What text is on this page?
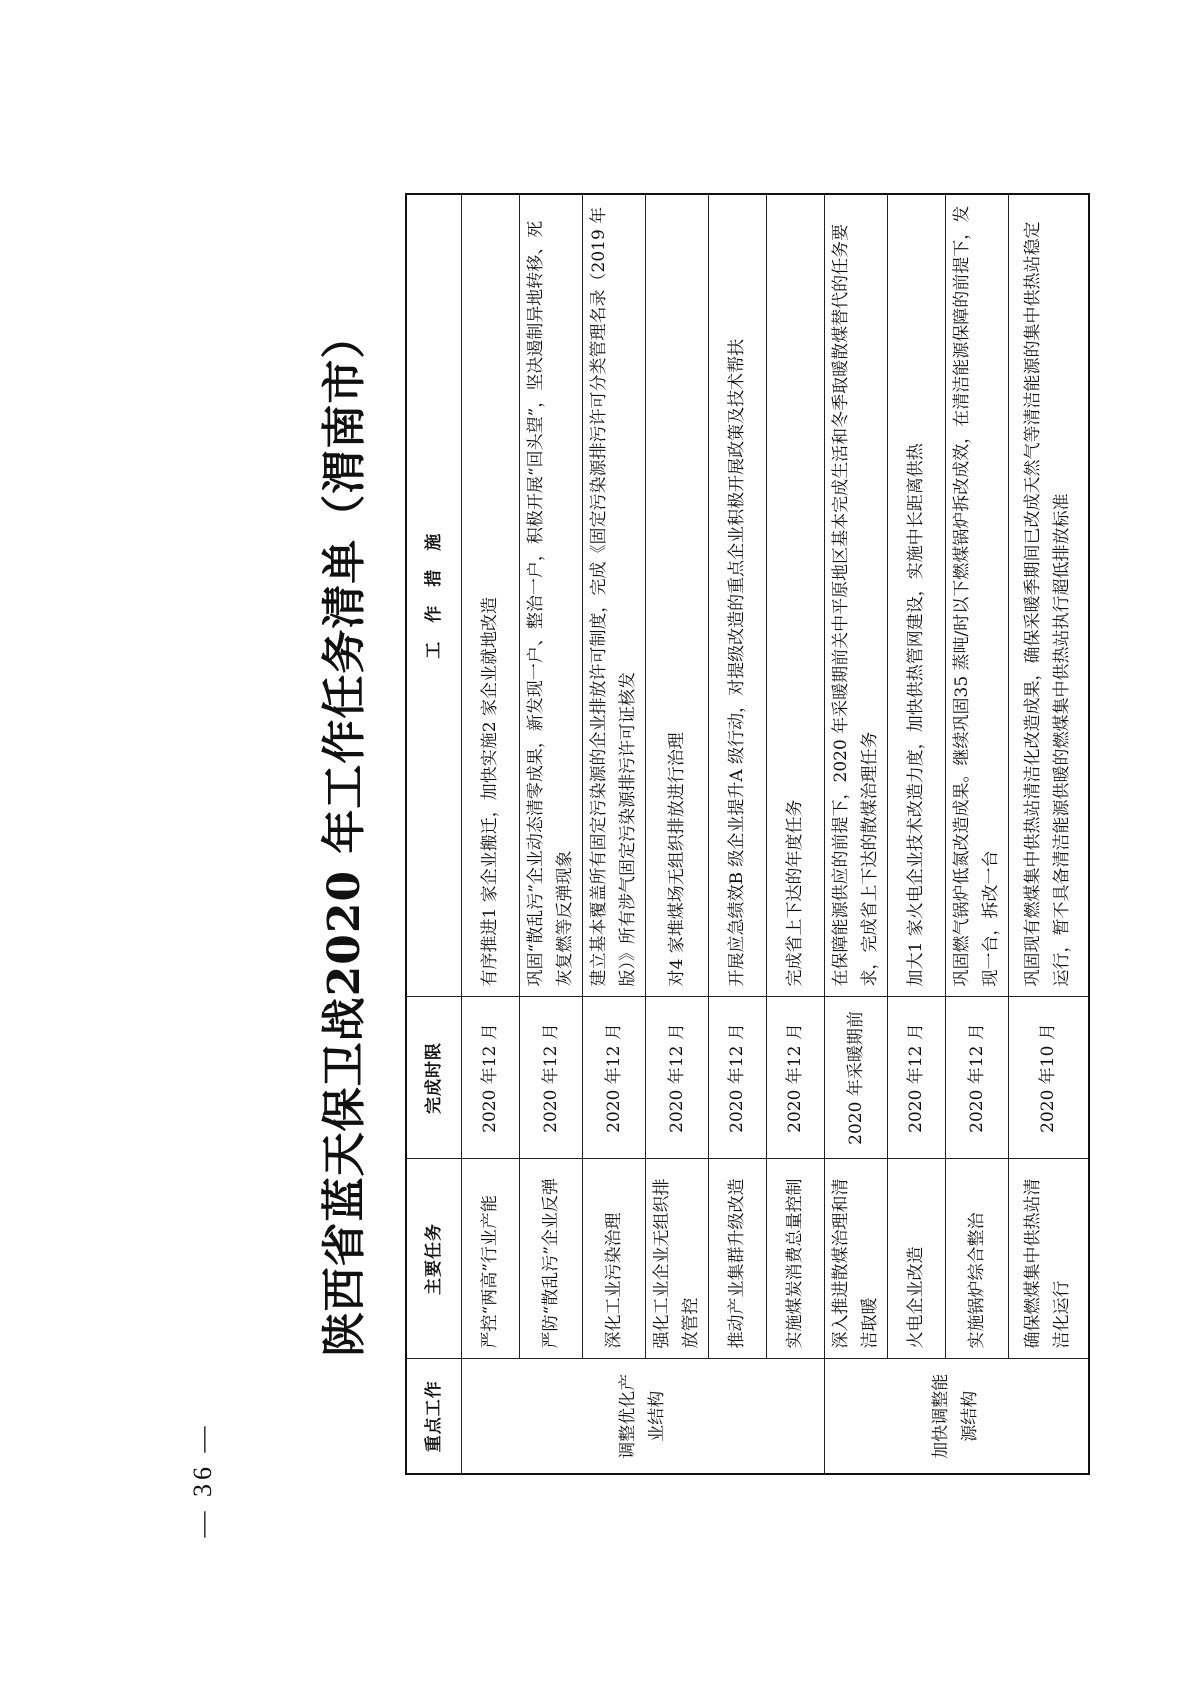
陕西省蓝天保卫战2020 年工作任务清单（渭南市）
重点工作	主要任务	完成时限	工　作　措　施
调整优化产业结构	严控“两高”行业产能	2020 年12 月	有序推进1 家企业搬迁，加快实施2 家企业就地改造
	严防“散乱污”企业反弹	2020 年12 月	巩固“散乱污”企业动态清零成果，新发现一户、整治一户，积极开展“回头望”，坚决遏制异地转移、死灰复燃等反弹现象
	深化工业污染治理	2020 年12 月	建立基本覆盖所有固定污染源的企业排放许可制度，完成《固定污染源排污许可分类管理名录（2019 年版）》所有涉气固定污染源排污许可证核发
	强化工业企业无组织排放管控	2020 年12 月	对4 家堆煤场无组织排放进行治理
	推动产业集群升级改造	2020 年12 月	开展应急绩效B 级企业提升A 级行动，对提级改造的重点企业积极开展政策及技术帮扶
	实施煤炭消费总量控制	2020 年12 月	完成省上下达的年度任务
加快调整能源结构	深入推进散煤治理和清洁取暖	2020 年采暖期前	在保障能源供应的前提下，2020 年采暖期前关中平原地区基本完成生活和冬季取暖散煤替代的任务要求，完成省上下达的散煤治理任务
	火电企业改造	2020 年12 月	加大1 家火电企业技术改造力度，加快供热管网建设，实施中长距离供热
	实施锅炉综合整治	2020 年12 月	巩固燃气锅炉低氮改造成果。继续巩固35 蒸吨/时以下燃煤锅炉拆改成效，在清洁能源保障的前提下，发现一台，拆改一台
	确保燃煤集中供热站清洁化运行	2020 年10 月	巩固现有燃煤集中供热站清洁化改造成果，确保采暖季期间已改成天然气等清洁能源的集中供热站稳定运行，暂不具备清洁能源供暖的燃煤集中供热站执行超低排放标准
— 36 —
